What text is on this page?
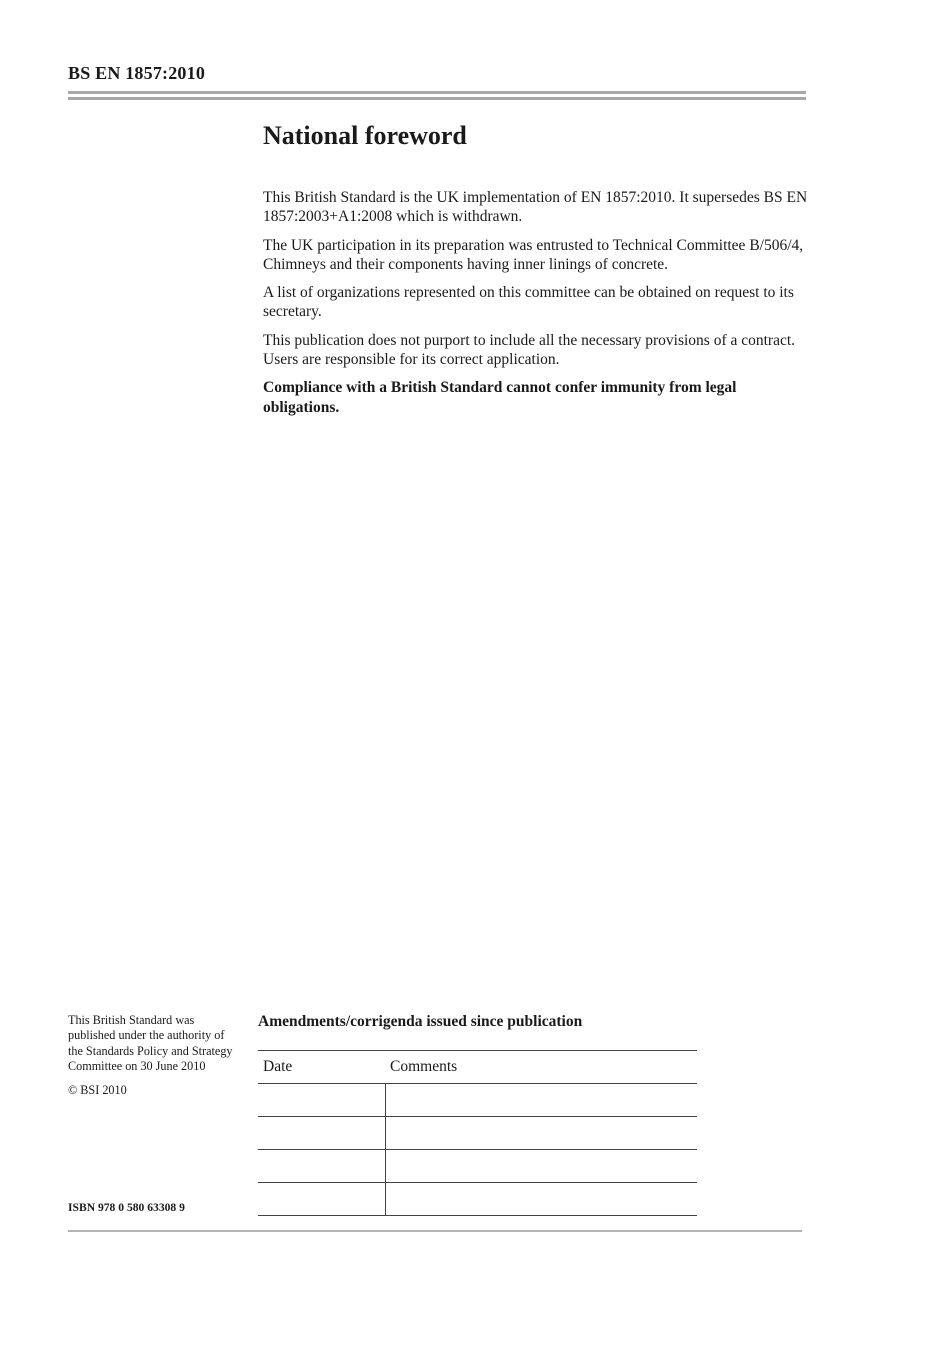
BS EN 1857:2010
National foreword

This British Standard is the UK implementation of EN 1857:2010. It supersedes BS EN 1857:2003+A1:2008 which is withdrawn.

The UK participation in its preparation was entrusted to Technical Committee B/506/4, Chimneys and their components having inner linings of concrete.

A list of organizations represented on this committee can be obtained on request to its secretary.

This publication does not purport to include all the necessary provisions of a contract. Users are responsible for its correct application.

Compliance with a British Standard cannot confer immunity from legal obligations.

This British Standard was published under the authority of the Standards Policy and Strategy Committee on 30 June 2010

© BSI 2010

ISBN 978 0 580 63308 9
Amendments/corrigenda issued since publication
Date	Comments
